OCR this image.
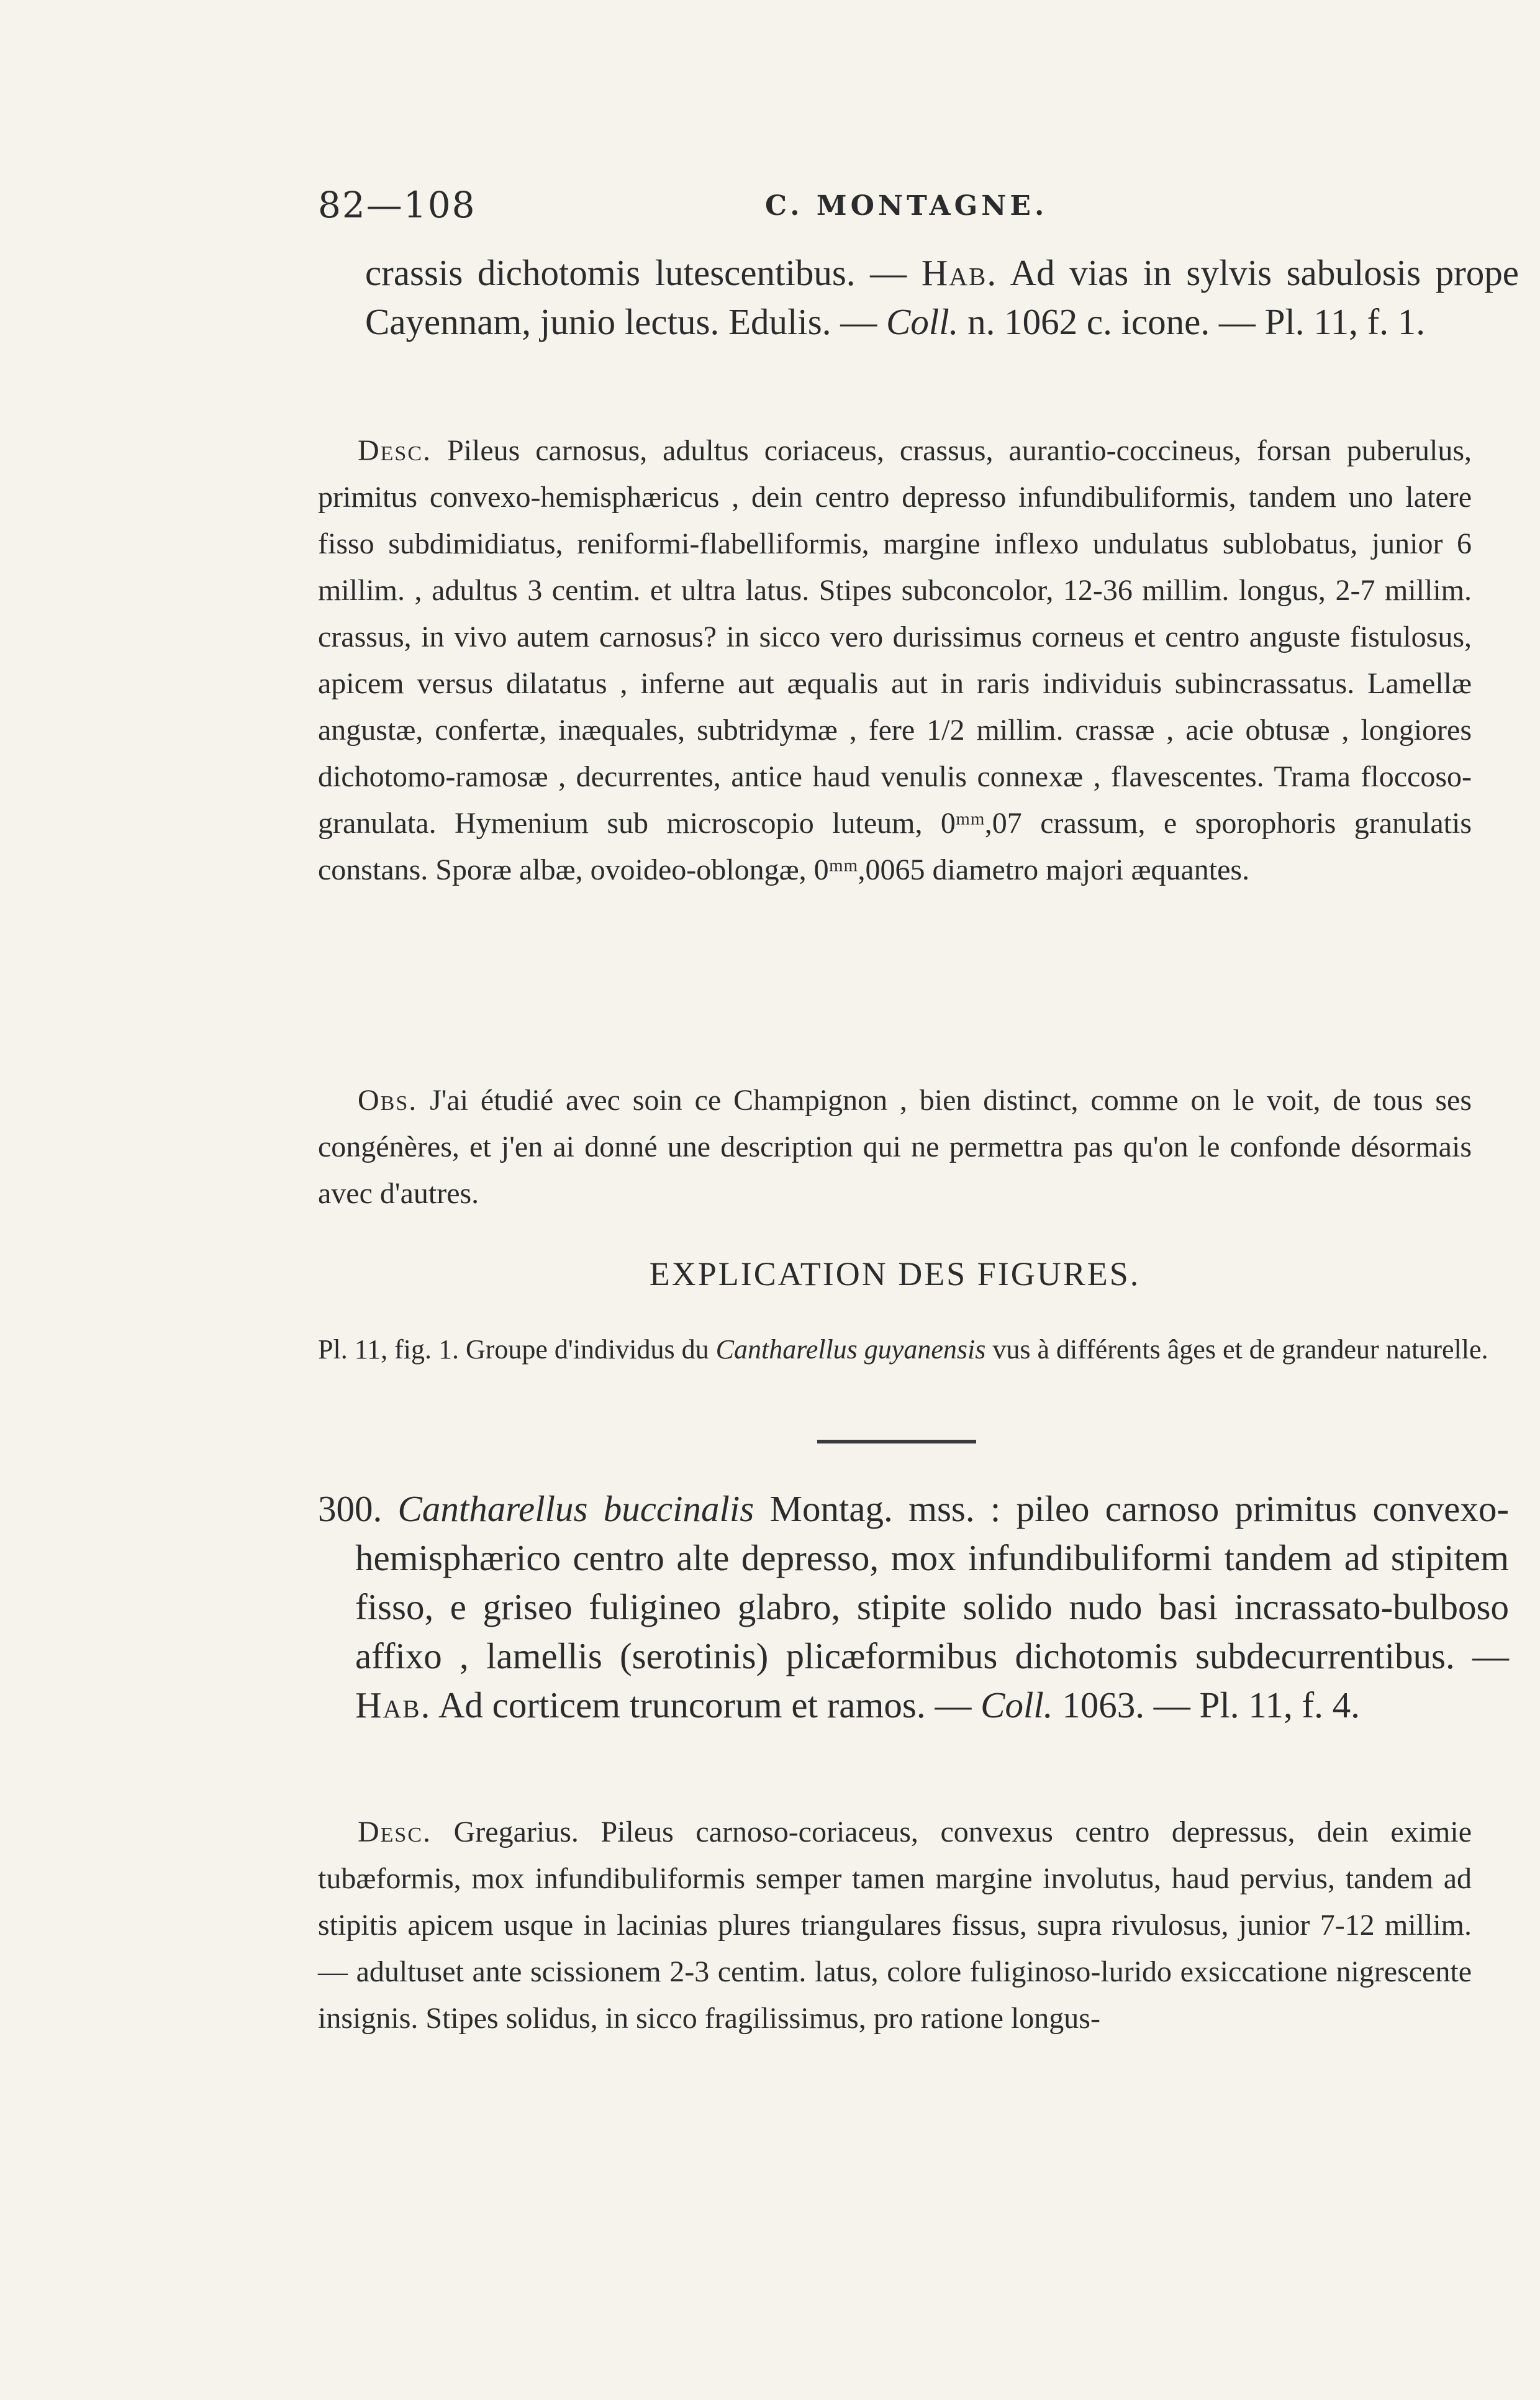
82—108	C. MONTAGNE.
crassis dichotomis lutescentibus. — Hab. Ad vias in sylvis sabulosis prope Cayennam, junio lectus. Edulis. — Coll. n. 1062 c. icone. — Pl. 11, f. 1.
Desc. Pileus carnosus, adultus coriaceus, crassus, aurantio-coccineus, forsan puberulus, primitus convexo-hemisphæricus , dein centro depresso infundibuliformis, tandem uno latere fisso subdimidiatus, reniformi-flabelliformis, margine inflexo undulatus sublobatus, junior 6 millim. , adultus 3 centim. et ultra latus. Stipes subconcolor, 12-36 millim. longus, 2-7 millim. crassus, in vivo autem carnosus? in sicco vero durissimus corneus et centro anguste fistulosus, apicem versus dilatatus , inferne aut æqualis aut in raris individuis subincrassatus. Lamellæ angustæ, confertæ, inæquales, subtridymæ , fere 1/2 millim. crassæ , acie obtusæ , longiores dichotomo-ramosæ , decurrentes, antice haud venulis connexæ , flavescentes. Trama floccoso-granulata. Hymenium sub microscopio luteum, 0ᵐᵐ,07 crassum, e sporophoris granulatis constans. Sporæ albæ, ovoideo-oblongæ, 0ᵐᵐ,0065 diametro majori æquantes.
Obs. J'ai étudié avec soin ce Champignon , bien distinct, comme on le voit, de tous ses congénères, et j'en ai donné une description qui ne permettra pas qu'on le confonde désormais avec d'autres.
EXPLICATION DES FIGURES.
Pl. 11, fig. 1. Groupe d'individus du Cantharellus guyanensis vus à différents âges et de grandeur naturelle.
300. Cantharellus buccinalis Montag. mss. : pileo carnoso primitus convexo-hemisphærico centro alte depresso, mox infundibuliformi tandem ad stipitem fisso, e griseo fuligineo glabro, stipite solido nudo basi incrassato-bulboso affixo , lamellis (serotinis) plicæformibus dichotomis subdecurrentibus. — Hab. Ad corticem truncorum et ramos. — Coll. 1063. — Pl. 11, f. 4.
Desc. Gregarius. Pileus carnoso-coriaceus, convexus centro depressus, dein eximie tubæformis, mox infundibuliformis semper tamen margine involutus, haud pervius, tandem ad stipitis apicem usque in lacinias plures triangulares fissus, supra rivulosus, junior 7-12 millim. — adultuset ante scissionem 2-3 centim. latus, colore fuliginoso-lurido exsiccatione nigrescente insignis. Stipes solidus, in sicco fragilissimus, pro ratione longus-
